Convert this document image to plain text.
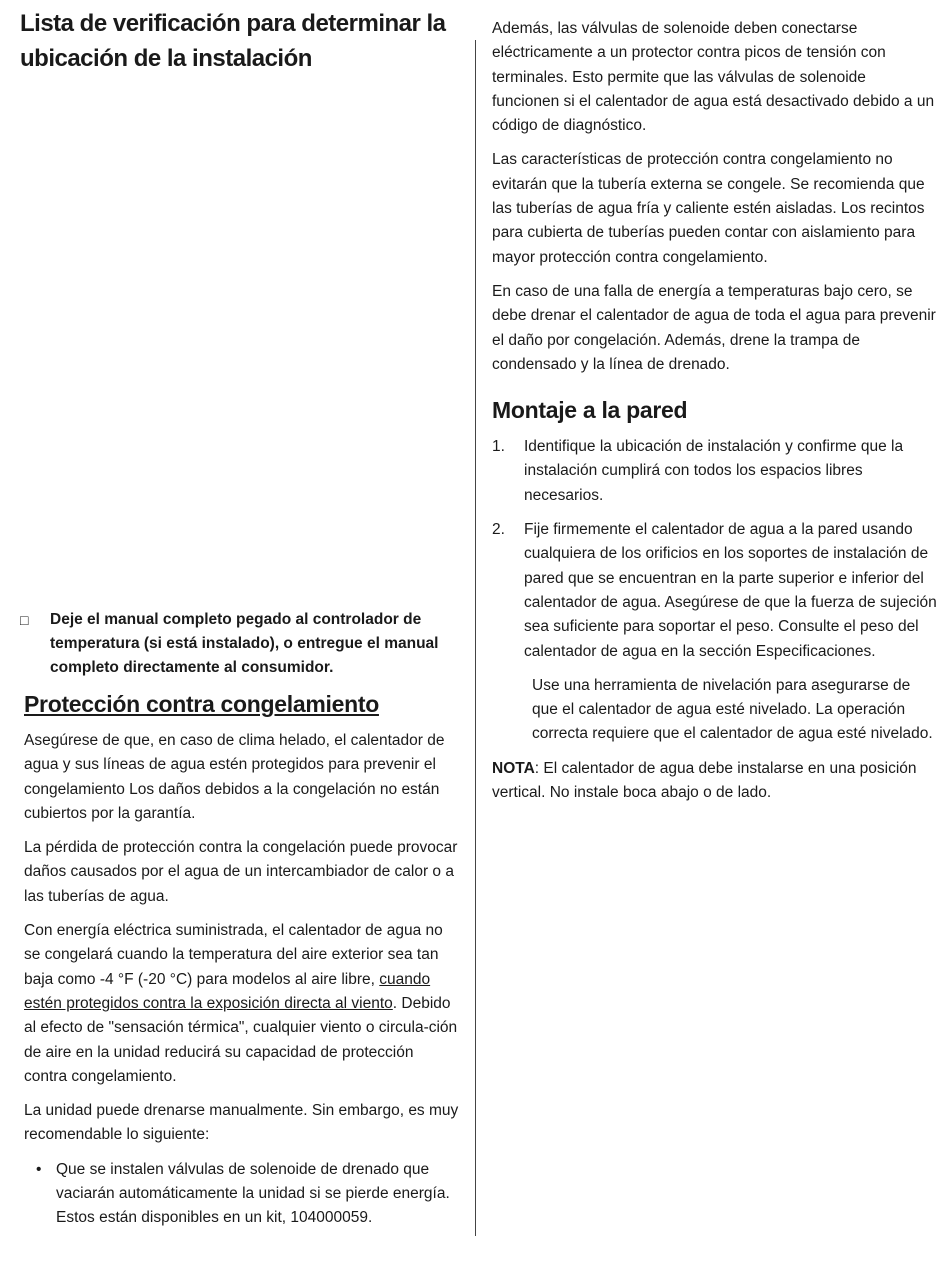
Lista de verificación para determinar la
ubicación de la instalación
□	Deje el manual completo pegado al controlador de temperatura (si está instalado), o entregue el manual completo directamente al consumidor.
Protección contra congelamiento

Asegúrese de que, en caso de clima helado, el calentador de agua y sus líneas de agua estén protegidos para prevenir el congelamiento Los daños debidos a la congelación no están cubiertos por la garantía.

La pérdida de protección contra la congelación puede provocar daños causados por el agua de un intercambiador de calor o a las tuberías de agua.

Con energía eléctrica suministrada, el calentador de agua no se congelará cuando la temperatura del aire exterior sea tan baja como -4 °F (-20 °C) para modelos al aire libre, cuando estén protegidos contra la exposición directa al viento. Debido al efecto de "sensación térmica", cualquier viento o circula-ción de aire en la unidad reducirá su capacidad de protección contra congelamiento.

La unidad puede drenarse manualmente. Sin embargo, es muy recomendable lo siguiente:

• Que se instalen válvulas de solenoide de drenado que vaciarán automáticamente la unidad si se pierde energía. Estos están disponibles en un kit, 104000059.

Además, las válvulas de solenoide deben conectarse eléctricamente a un protector contra picos de tensión con terminales. Esto permite que las válvulas de solenoide funcionen si el calentador de agua está desactivado debido a un código de diagnóstico.

Las características de protección contra congelamiento no evitarán que la tubería externa se congele. Se recomienda que las tuberías de agua fría y caliente estén aisladas. Los recintos para cubierta de tuberías pueden contar con aislamiento para mayor protección contra congelamiento.

En caso de una falla de energía a temperaturas bajo cero, se debe drenar el calentador de agua de toda el agua para prevenir el daño por congelación. Además, drene la trampa de condensado y la línea de drenado.

Montaje a la pared
1.	Identifique la ubicación de instalación y confirme que la instalación cumplirá con todos los espacios libres necesarios.
2.	Fije firmemente el calentador de agua a la pared usando cualquiera de los orificios en los soportes de instalación de pared que se encuentran en la parte superior e inferior del calentador de agua. Asegúrese de que la fuerza de sujeción sea suficiente para soportar el peso. Consulte el peso del calentador de agua en la sección Especificaciones.

Use una herramienta de nivelación para asegurarse de que el calentador de agua esté nivelado. La operación correcta requiere que el calentador de agua esté nivelado.

NOTA: El calentador de agua debe instalarse en una posición vertical. No instale boca abajo o de lado.
